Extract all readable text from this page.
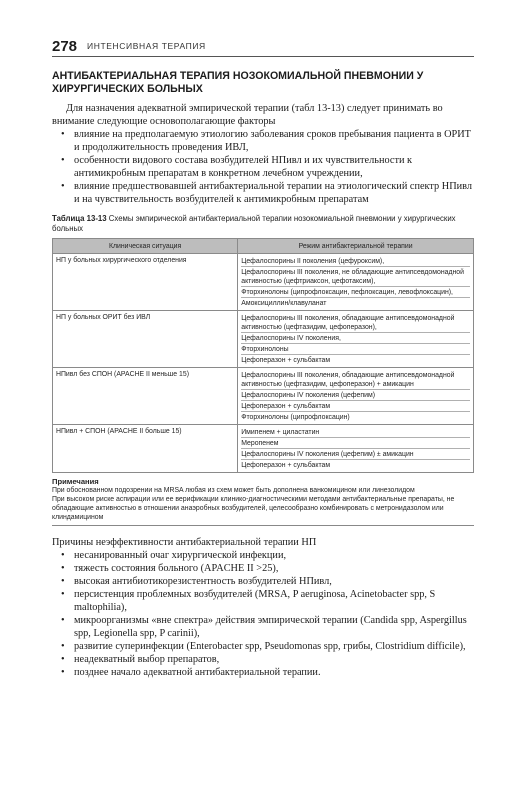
278 ИНТЕНСИВНАЯ ТЕРАПИЯ
АНТИБАКТЕРИАЛЬНАЯ ТЕРАПИЯ НОЗОКОМИАЛЬНОЙ ПНЕВМОНИИ У ХИРУРГИЧЕСКИХ БОЛЬНЫХ

Для назначения адекватной эмпирической терапии (табл 13-13) следует принимать во внимание следующие основополагающие факторы

• влияние на предполагаемую этиологию заболевания сроков пребывания пациента в ОРИТ и продолжительность проведения ИВЛ,
• особенности видового состава возбудителей НПивл и их чувствительности к антимикробным препаратам в конкретном лечебном учреждении,
• влияние предшествовавшей антибактериальной терапии на этиологический спектр НПивл и на чувствительность возбудителей к антимикробным препаратам
Таблица 13-13 Схемы эмпирической антибактериальной терапии нозокомиальной пневмонии у хирургических больных
Клиническая ситуация	Режим антибактериальной терапии
НП у больных хирургического отделения	Цефалоспорины II поколения (цефуроксим),
Цефалоспорины III поколения, не обладающие антипсевдомонадной активностью (цефтриаксон, цефотаксим),
Фторхинолоны (ципрофлоксацин, пефлоксацин, левофлоксацин),
Амоксициллин/клавуланат

НП у больных ОРИТ без ИВЛ	Цефалоспорины III поколения, обладающие антипсевдомонадной активностью (цефтазидим, цефоперазон),
Цефалоспорины IV поколения,
Фторхинолоны
Цефоперазон + сульбактам

НПивл без СПОН (APACHE II меньше 15)	Цефалоспорины III поколения, обладающие антипсевдомонадной активностью (цефтазидим, цефоперазон) + амикацин
Цефалоспорины IV поколения (цефепим)
Цефоперазон + сульбактам
Фторхинолоны (ципрофлоксацин)

НПивл + СПОН (APACHE II больше 15)	Имипенем + циластатин
Меропенем
Цефалоспорины IV поколения (цефепим) ± амикацин
Цефоперазон + сульбактам
Примечания

При обоснованном подозрении на MRSA любая из схем может быть дополнена ванкомицином или линезолидом

При высоком риске аспирации или ее верификации клинико-диагностическими методами антибактериальные препараты, не обладающие активностью в отношении анаэробных возбудителей, целесообразно комбинировать с метронидазолом или клиндамицином

Причины неэффективности антибактериальной терапии НП

• несанированный очаг хирургической инфекции,
• тяжесть состояния больного (APACHE II >25),
• высокая антибиотикорезистентность возбудителей НПивл,
• персистенция проблемных возбудителей (MRSA, P aeruginosa, Acinetobacter spp, S maltophilia),
• микроорганизмы «вне спектра» действия эмпирической терапии (Candida spp, Aspergillus spp, Legionella spp, P carinii),
• развитие суперинфекции (Enterobacter spp, Pseudomonas spp, грибы, Clostridium difficile),
• неадекватный выбор препаратов,
• позднее начало адекватной антибактериальной терапии.
